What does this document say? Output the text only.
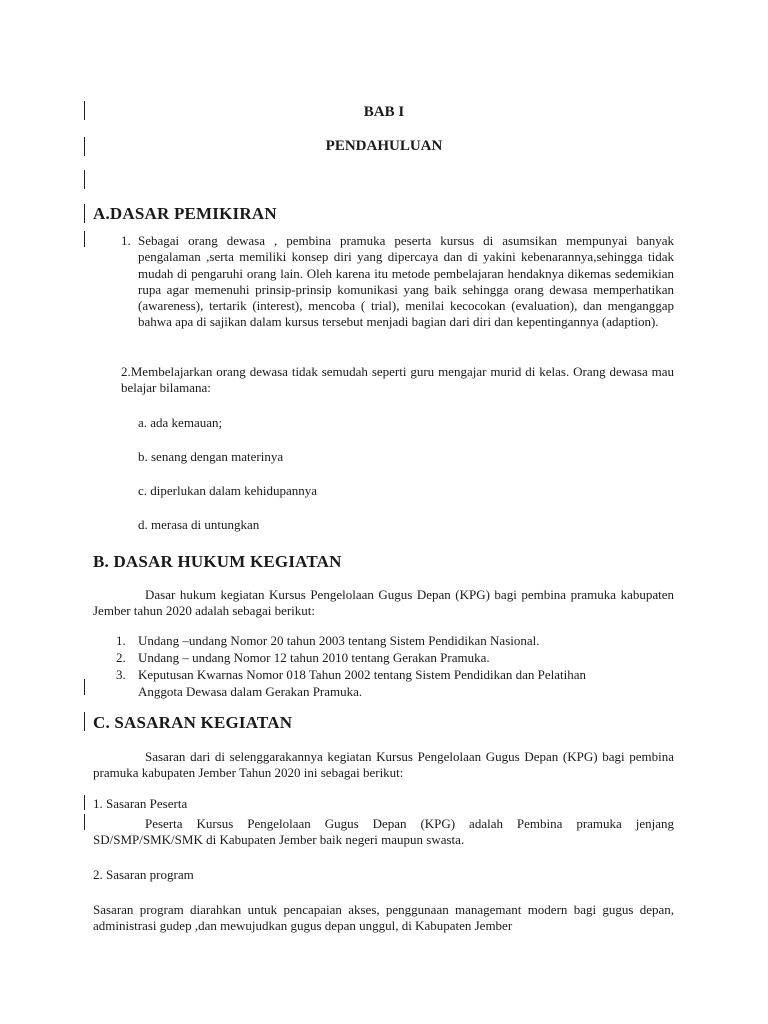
BAB I
PENDAHULUAN
A.DASAR PEMIKIRAN
1. Sebagai orang dewasa , pembina pramuka peserta kursus di asumsikan mempunyai banyak pengalaman ,serta memiliki konsep diri yang dipercaya dan di yakini kebenarannya,sehingga tidak mudah di pengaruhi orang lain. Oleh karena itu metode pembelajaran hendaknya dikemas sedemikian rupa agar memenuhi prinsip-prinsip komunikasi yang baik sehingga orang dewasa memperhatikan (awareness), tertarik (interest), mencoba ( trial), menilai kecocokan (evaluation), dan menganggap bahwa apa di sajikan dalam kursus tersebut menjadi bagian dari diri dan kepentingannya (adaption).
2.Membelajarkan orang dewasa tidak semudah seperti guru mengajar murid di kelas. Orang dewasa mau belajar bilamana:
a. ada kemauan;
b. senang dengan materinya
c. diperlukan dalam kehidupannya
d. merasa di untungkan
B. DASAR HUKUM KEGIATAN
Dasar hukum kegiatan Kursus Pengelolaan Gugus Depan (KPG) bagi pembina pramuka kabupaten Jember tahun 2020 adalah sebagai berikut:
1. Undang –undang Nomor 20 tahun 2003 tentang Sistem Pendidikan Nasional.
2. Undang – undang Nomor 12 tahun 2010 tentang Gerakan Pramuka.
3. Keputusan Kwarnas Nomor 018 Tahun 2002 tentang Sistem Pendidikan dan Pelatihan
Anggota Dewasa dalam Gerakan Pramuka.
C. SASARAN KEGIATAN
Sasaran dari di selenggarakannya kegiatan Kursus Pengelolaan Gugus Depan (KPG) bagi pembina pramuka kabupaten Jember Tahun 2020 ini sebagai berikut:
1. Sasaran Peserta
Peserta Kursus Pengelolaan Gugus Depan (KPG) adalah Pembina pramuka jenjang SD/SMP/SMK/SMK di Kabupaten Jember baik negeri maupun swasta.
2. Sasaran program
Sasaran program diarahkan untuk pencapaian akses, penggunaan managemant modern bagi gugus depan, administrasi gudep ,dan mewujudkan gugus depan unggul, di Kabupaten Jember
